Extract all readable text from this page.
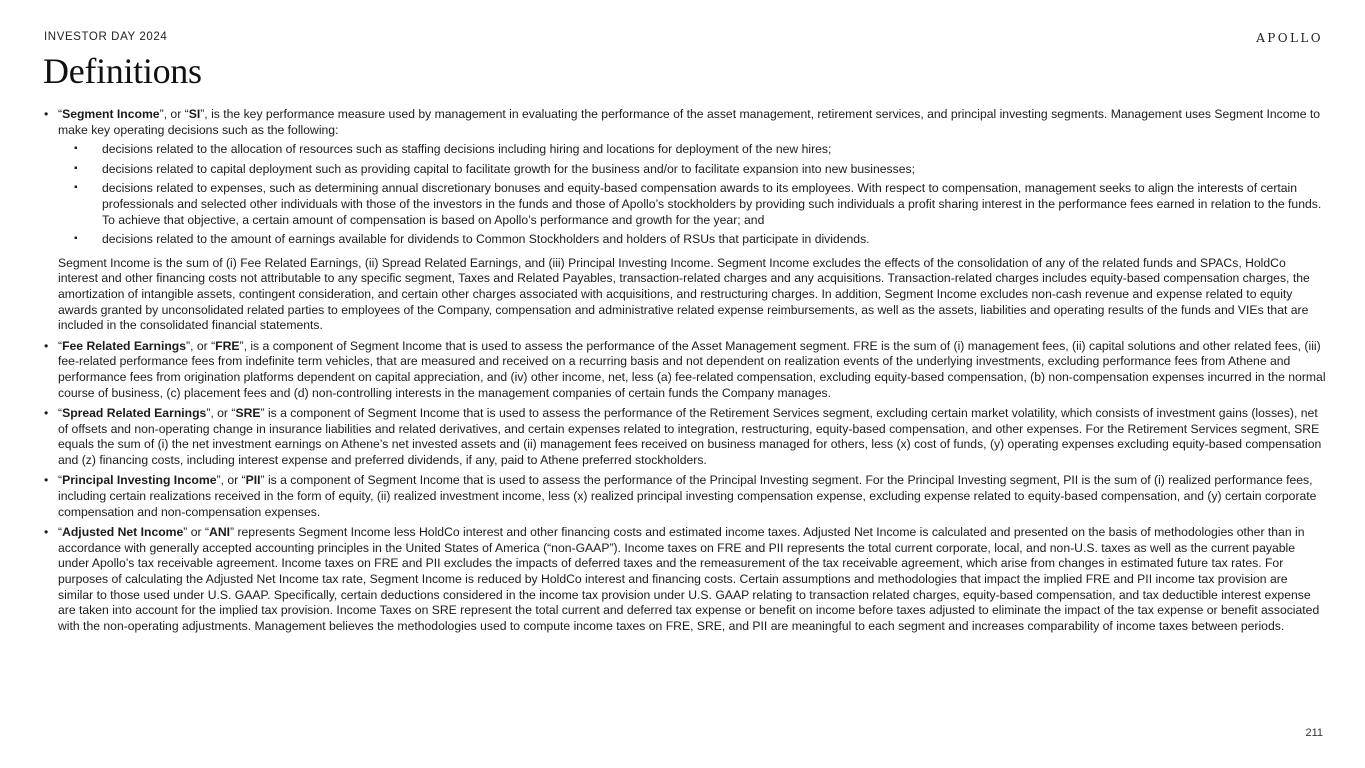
INVESTOR DAY 2024	APOLLO
Definitions
• “Segment Income”, or “SI”, is the key performance measure used by management in evaluating the performance of the asset management, retirement services, and principal investing segments. Management uses Segment Income to make key operating decisions such as the following:
▪ decisions related to the allocation of resources such as staffing decisions including hiring and locations for deployment of the new hires;
▪ decisions related to capital deployment such as providing capital to facilitate growth for the business and/or to facilitate expansion into new businesses;
▪ decisions related to expenses, such as determining annual discretionary bonuses and equity-based compensation awards to its employees. With respect to compensation, management seeks to align the interests of certain professionals and selected other individuals with those of the investors in the funds and those of Apollo’s stockholders by providing such individuals a profit sharing interest in the performance fees earned in relation to the funds. To achieve that objective, a certain amount of compensation is based on Apollo’s performance and growth for the year; and
▪ decisions related to the amount of earnings available for dividends to Common Stockholders and holders of RSUs that participate in dividends.
Segment Income is the sum of (i) Fee Related Earnings, (ii) Spread Related Earnings, and (iii) Principal Investing Income. Segment Income excludes the effects of the consolidation of any of the related funds and SPACs, HoldCo interest and other financing costs not attributable to any specific segment, Taxes and Related Payables, transaction-related charges and any acquisitions. Transaction-related charges includes equity-based compensation charges, the amortization of intangible assets, contingent consideration, and certain other charges associated with acquisitions, and restructuring charges. In addition, Segment Income excludes non-cash revenue and expense related to equity awards granted by unconsolidated related parties to employees of the Company, compensation and administrative related expense reimbursements, as well as the assets, liabilities and operating results of the funds and VIEs that are included in the consolidated financial statements.
• “Fee Related Earnings”, or “FRE”, is a component of Segment Income that is used to assess the performance of the Asset Management segment. FRE is the sum of (i) management fees, (ii) capital solutions and other related fees, (iii) fee-related performance fees from indefinite term vehicles, that are measured and received on a recurring basis and not dependent on realization events of the underlying investments, excluding performance fees from Athene and performance fees from origination platforms dependent on capital appreciation, and (iv) other income, net, less (a) fee-related compensation, excluding equity-based compensation, (b) non-compensation expenses incurred in the normal course of business, (c) placement fees and (d) non-controlling interests in the management companies of certain funds the Company manages.
• “Spread Related Earnings”, or “SRE” is a component of Segment Income that is used to assess the performance of the Retirement Services segment, excluding certain market volatility, which consists of investment gains (losses), net of offsets and non-operating change in insurance liabilities and related derivatives, and certain expenses related to integration, restructuring, equity-based compensation, and other expenses. For the Retirement Services segment, SRE equals the sum of (i) the net investment earnings on Athene’s net invested assets and (ii) management fees received on business managed for others, less (x) cost of funds, (y) operating expenses excluding equity-based compensation and (z) financing costs, including interest expense and preferred dividends, if any, paid to Athene preferred stockholders.
• “Principal Investing Income”, or “PII” is a component of Segment Income that is used to assess the performance of the Principal Investing segment. For the Principal Investing segment, PII is the sum of (i) realized performance fees, including certain realizations received in the form of equity, (ii) realized investment income, less (x) realized principal investing compensation expense, excluding expense related to equity-based compensation, and (y) certain corporate compensation and non-compensation expenses.
• “Adjusted Net Income” or “ANI” represents Segment Income less HoldCo interest and other financing costs and estimated income taxes. Adjusted Net Income is calculated and presented on the basis of methodologies other than in accordance with generally accepted accounting principles in the United States of America (“non-GAAP”). Income taxes on FRE and PII represents the total current corporate, local, and non-U.S. taxes as well as the current payable under Apollo’s tax receivable agreement. Income taxes on FRE and PII excludes the impacts of deferred taxes and the remeasurement of the tax receivable agreement, which arise from changes in estimated future tax rates. For purposes of calculating the Adjusted Net Income tax rate, Segment Income is reduced by HoldCo interest and financing costs. Certain assumptions and methodologies that impact the implied FRE and PII income tax provision are similar to those used under U.S. GAAP. Specifically, certain deductions considered in the income tax provision under U.S. GAAP relating to transaction related charges, equity-based compensation, and tax deductible interest expense are taken into account for the implied tax provision. Income Taxes on SRE represent the total current and deferred tax expense or benefit on income before taxes adjusted to eliminate the impact of the tax expense or benefit associated with the non-operating adjustments. Management believes the methodologies used to compute income taxes on FRE, SRE, and PII are meaningful to each segment and increases comparability of income taxes between periods.
211
